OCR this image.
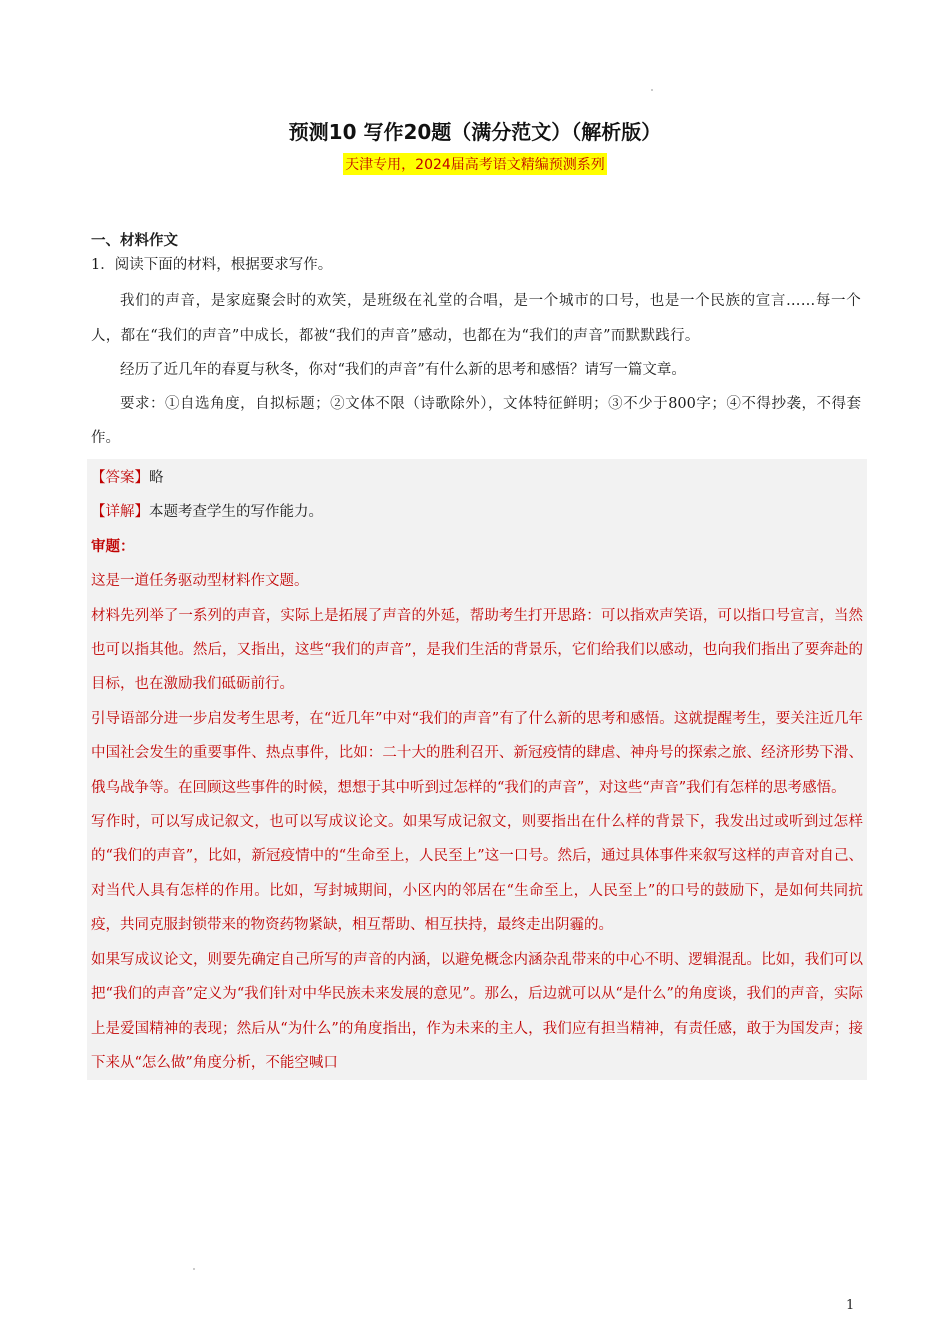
预测10 写作20题（满分范文）（解析版）
天津专用，2024届高考语文精编预测系列

一、材料作文

1．阅读下面的材料，根据要求写作。

我们的声音，是家庭聚会时的欢笑，是班级在礼堂的合唱，是一个城市的口号，也是一个民族的宣言……每一个人，都在“我们的声音”中成长，都被“我们的声音”感动，也都在为“我们的声音”而默默践行。

经历了近几年的春夏与秋冬，你对“我们的声音”有什么新的思考和感悟？请写一篇文章。

要求：①自选角度，自拟标题；②文体不限（诗歌除外），文体特征鲜明；③不少于800字；④不得抄袭，不得套作。

【答案】略

【详解】本题考查学生的写作能力。

审题：

这是一道任务驱动型材料作文题。

材料先列举了一系列的声音，实际上是拓展了声音的外延，帮助考生打开思路：可以指欢声笑语，可以指口号宣言，当然也可以指其他。然后，又指出，这些“我们的声音”，是我们生活的背景乐，它们给我们以感动，也向我们指出了要奔赴的目标，也在激励我们砥砺前行。

引导语部分进一步启发考生思考，在“近几年”中对“我们的声音”有了什么新的思考和感悟。这就提醒考生，要关注近几年中国社会发生的重要事件、热点事件，比如：二十大的胜利召开、新冠疫情的肆虐、神舟号的探索之旅、经济形势下滑、俄乌战争等。在回顾这些事件的时候，想想于其中听到过怎样的“我们的声音”，对这些“声音”我们有怎样的思考感悟。

写作时，可以写成记叙文，也可以写成议论文。如果写成记叙文，则要指出在什么样的背景下，我发出过或听到过怎样的“我们的声音”，比如，新冠疫情中的“生命至上，人民至上”这一口号。然后，通过具体事件来叙写这样的声音对自己、对当代人具有怎样的作用。比如，写封城期间，小区内的邻居在“生命至上，人民至上”的口号的鼓励下，是如何共同抗疫，共同克服封锁带来的物资药物紧缺，相互帮助、相互扶持，最终走出阴霾的。

如果写成议论文，则要先确定自己所写的声音的内涵，以避免概念内涵杂乱带来的中心不明、逻辑混乱。比如，我们可以把“我们的声音”定义为“我们针对中华民族未来发展的意见”。那么，后边就可以从“是什么”的角度谈，我们的声音，实际上是爱国精神的表现；然后从“为什么”的角度指出，作为未来的主人，我们应有担当精神，有责任感，敢于为国发声；接下来从“怎么做”角度分析，不能空喊口

1
